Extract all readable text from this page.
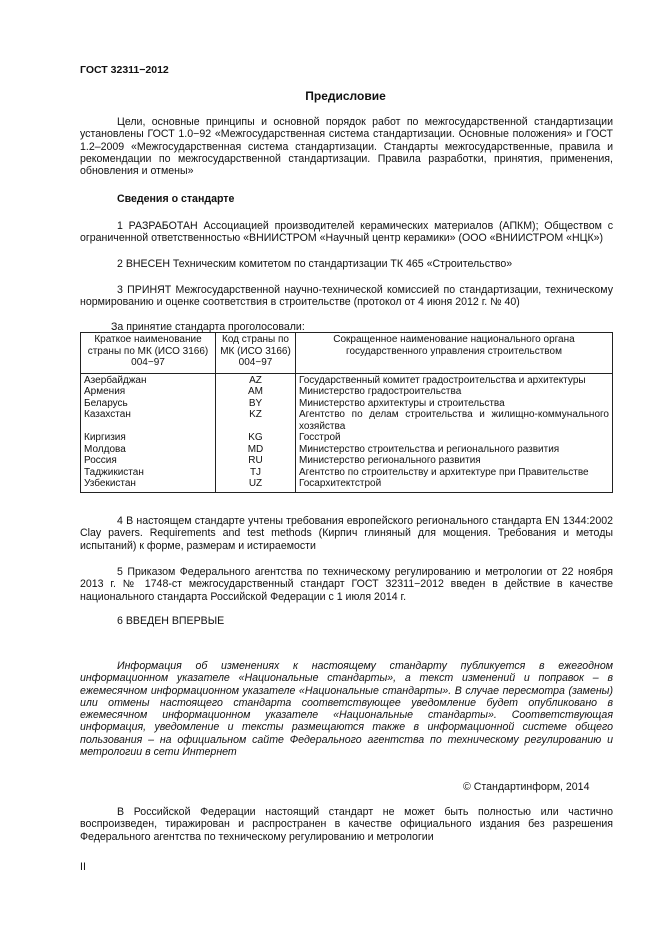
ГОСТ 32311−2012
Предисловие
Цели, основные принципы и основной порядок работ по межгосударственной стандартизации установлены ГОСТ 1.0−92 «Межгосударственная система стандартизации. Основные положения» и ГОСТ 1.2–2009 «Межгосударственная система стандартизации. Стандарты межгосударственные, правила и рекомендации по межгосударственной стандартизации. Правила разработки, принятия, применения, обновления и отмены»
Сведения о стандарте
1 РАЗРАБОТАН Ассоциацией производителей керамических материалов (АПКМ); Обществом с ограниченной ответственностью «ВНИИСТРОМ «Научный центр керамики» (ООО «ВНИИСТРОМ «НЦК»)
2 ВНЕСЕН Техническим комитетом по стандартизации ТК 465 «Строительство»
3 ПРИНЯТ Межгосударственной научно-технической комиссией по стандартизации, техническому нормированию и оценке соответствия в строительстве (протокол от 4 июня 2012 г. № 40)
За принятие стандарта проголосовали:
Краткое наименование страны по МК (ИСО 3166) 004−97	Код страны по МК (ИСО 3166) 004−97	Сокращенное наименование национального органа государственного управления строительством
Азербайджан	AZ	Государственный комитет градостроительства и архитектуры
Армения	AM	Министерство градостроительства
Беларусь	BY	Министерство архитектуры и строительства
Казахстан	KZ	Агентство по делам строительства и жилищно-коммунального хозяйства
Киргизия	KG	Госстрой
Молдова	MD	Министерство строительства и регионального развития
Россия	RU	Министерство регионального развития
Таджикистан	TJ	Агентство по строительству и архитектуре при Правительстве
Узбекистан	UZ	Госархитектстрой
4 В настоящем стандарте учтены требования европейского регионального стандарта EN 1344:2002 Clay pavers. Requirements and test methods (Кирпич глиняный для мощения. Требования и методы испытаний) к форме, размерам и истираемости
5 Приказом Федерального агентства по техническому регулированию и метрологии от 22 ноября 2013 г. № 1748-ст межгосударственный стандарт ГОСТ 32311−2012 введен в действие в качестве национального стандарта Российской Федерации с 1 июля 2014 г.
6 ВВЕДЕН ВПЕРВЫЕ
Информация об изменениях к настоящему стандарту публикуется в ежегодном информационном указателе «Национальные стандарты», а текст изменений и поправок – в ежемесячном информационном указателе «Национальные стандарты». В случае пересмотра (замены) или отмены настоящего стандарта соответствующее уведомление будет опубликовано в ежемесячном информационном указателе «Национальные стандарты». Соответствующая информация, уведомление и тексты размещаются также в информационной системе общего пользования – на официальном сайте Федерального агентства по техническому регулированию и метрологии в сети Интернет
© Стандартинформ, 2014
В Российской Федерации настоящий стандарт не может быть полностью или частично воспроизведен, тиражирован и распространен в качестве официального издания без разрешения Федерального агентства по техническому регулированию и метрологии
II
